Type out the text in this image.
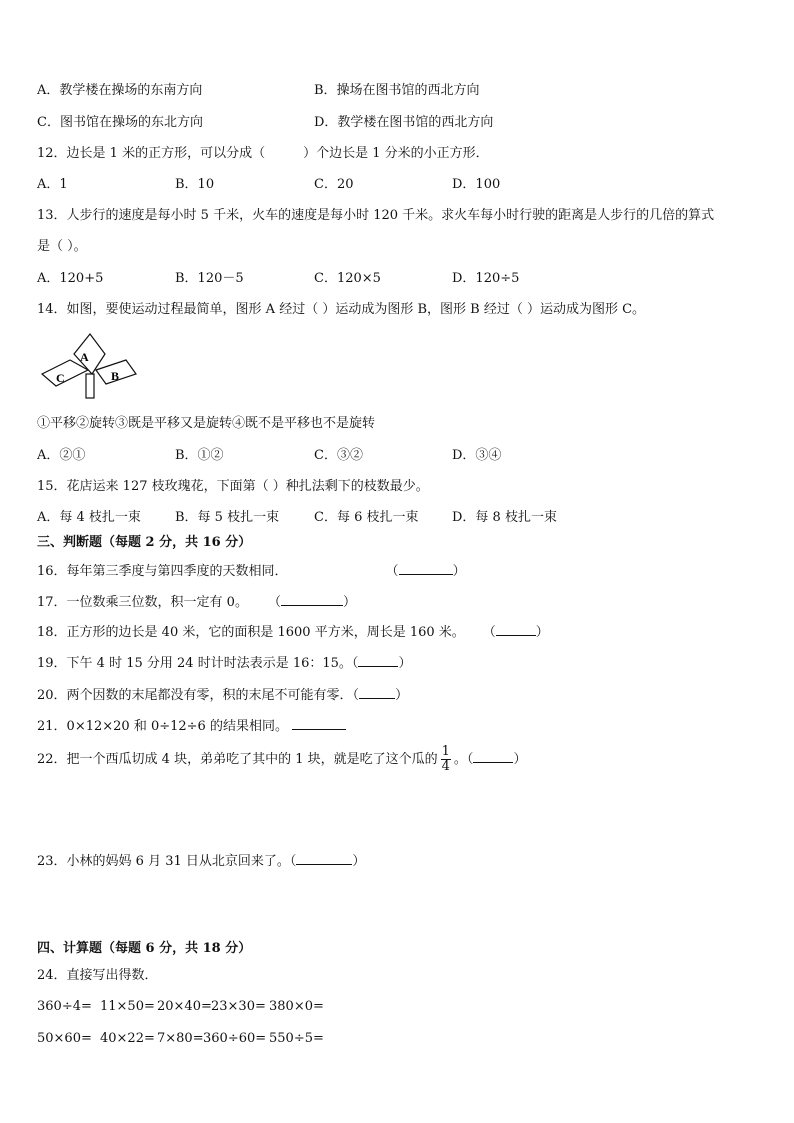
A．教学楼在操场的东南方向	B．操场在图书馆的西北方向
C．图书馆在操场的东北方向	D．教学楼在图书馆的西北方向
12．边长是 1 米的正方形，可以分成（	）个边长是 1 分米的小正方形．
A．1	B．10	C．20	D．100
13．人步行的速度是每小时 5 千米，火车的速度是每小时 120 千米。求火车每小时行驶的距离是人步行的几倍的算式
是（ ）。
A．120+5	B．120－5	C．120×5	D．120÷5
14．如图，要使运动过程最简单，图形 A 经过（ ）运动成为图形 B，图形 B 经过（ ）运动成为图形 C。
A
B
C
①平移②旋转③既是平移又是旋转④既不是平移也不是旋转
A．②①	B．①②	C．③②	D．③④
15．花店运来 127 枝玫瑰花，下面第（ ）种扎法剩下的枝数最少。
A．每 4 枝扎一束	B．每 5 枝扎一束	C．每 6 枝扎一束	D．每 8 枝扎一束
三、判断题（每题 2 分，共 16 分）
16．每年第三季度与第四季度的天数相同．	（	）
17．一位数乘三位数，积一定有 0。 （	）
18．正方形的边长是 40 米，它的面积是 1600 平方米，周长是 160 米。 （	）
19．下午 4 时 15 分用 24 时计时法表示是 16：15。（	）
20．两个因数的末尾都没有零，积的末尾不可能有零．（	）
21．0×12×20 和 0÷12÷6 的结果相同。
22．把一个西瓜切成 4 块，弟弟吃了其中的 1 块，就是吃了这个瓜的 $\frac{1}{4}$ 。（	）
23．小林的妈妈 6 月 31 日从北京回来了。（	）
四、计算题（每题 6 分，共 18 分）
24．直接写出得数．
360÷4= 11×50= 20×40=23×30= 380×0=
50×60= 40×22= 7×80=360÷60= 550÷5=
